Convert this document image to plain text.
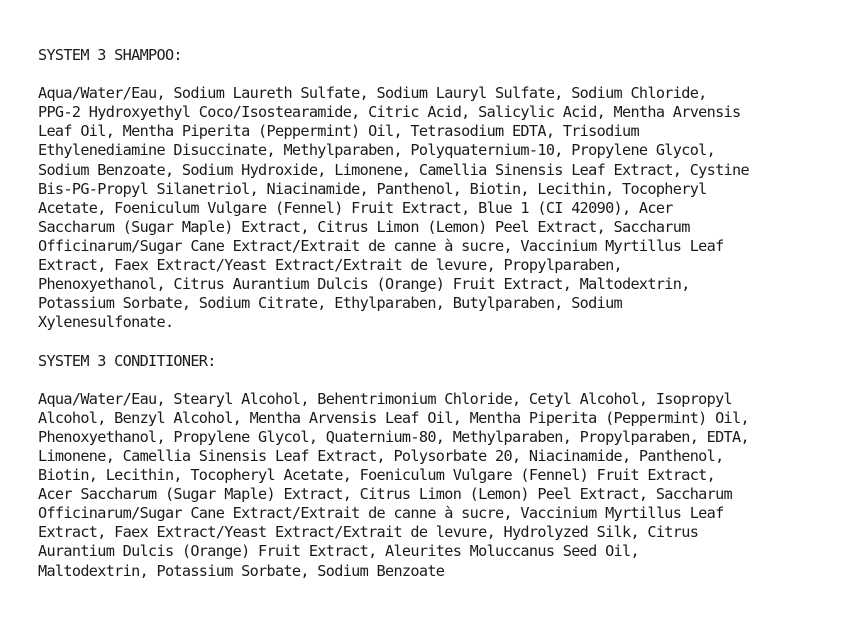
SYSTEM 3 SHAMPOO:
Aqua/Water/Eau, Sodium Laureth Sulfate, Sodium Lauryl Sulfate, Sodium Chloride,
PPG-2 Hydroxyethyl Coco/Isostearamide, Citric Acid, Salicylic Acid, Mentha Arvensis
Leaf Oil, Mentha Piperita (Peppermint) Oil, Tetrasodium EDTA, Trisodium
Ethylenediamine Disuccinate, Methylparaben, Polyquaternium-10, Propylene Glycol,
Sodium Benzoate, Sodium Hydroxide, Limonene, Camellia Sinensis Leaf Extract, Cystine
Bis-PG-Propyl Silanetriol, Niacinamide, Panthenol, Biotin, Lecithin, Tocopheryl
Acetate, Foeniculum Vulgare (Fennel) Fruit Extract, Blue 1 (CI 42090), Acer
Saccharum (Sugar Maple) Extract, Citrus Limon (Lemon) Peel Extract, Saccharum
Officinarum/Sugar Cane Extract/Extrait de canne à sucre, Vaccinium Myrtillus Leaf
Extract, Faex Extract/Yeast Extract/Extrait de levure, Propylparaben,
Phenoxyethanol, Citrus Aurantium Dulcis (Orange) Fruit Extract, Maltodextrin,
Potassium Sorbate, Sodium Citrate, Ethylparaben, Butylparaben, Sodium
Xylenesulfonate.
SYSTEM 3 CONDITIONER:
Aqua/Water/Eau, Stearyl Alcohol, Behentrimonium Chloride, Cetyl Alcohol, Isopropyl
Alcohol, Benzyl Alcohol, Mentha Arvensis Leaf Oil, Mentha Piperita (Peppermint) Oil,
Phenoxyethanol, Propylene Glycol, Quaternium-80, Methylparaben, Propylparaben, EDTA,
Limonene, Camellia Sinensis Leaf Extract, Polysorbate 20, Niacinamide, Panthenol,
Biotin, Lecithin, Tocopheryl Acetate, Foeniculum Vulgare (Fennel) Fruit Extract,
Acer Saccharum (Sugar Maple) Extract, Citrus Limon (Lemon) Peel Extract, Saccharum
Officinarum/Sugar Cane Extract/Extrait de canne à sucre, Vaccinium Myrtillus Leaf
Extract, Faex Extract/Yeast Extract/Extrait de levure, Hydrolyzed Silk, Citrus
Aurantium Dulcis (Orange) Fruit Extract, Aleurites Moluccanus Seed Oil,
Maltodextrin, Potassium Sorbate, Sodium Benzoate
